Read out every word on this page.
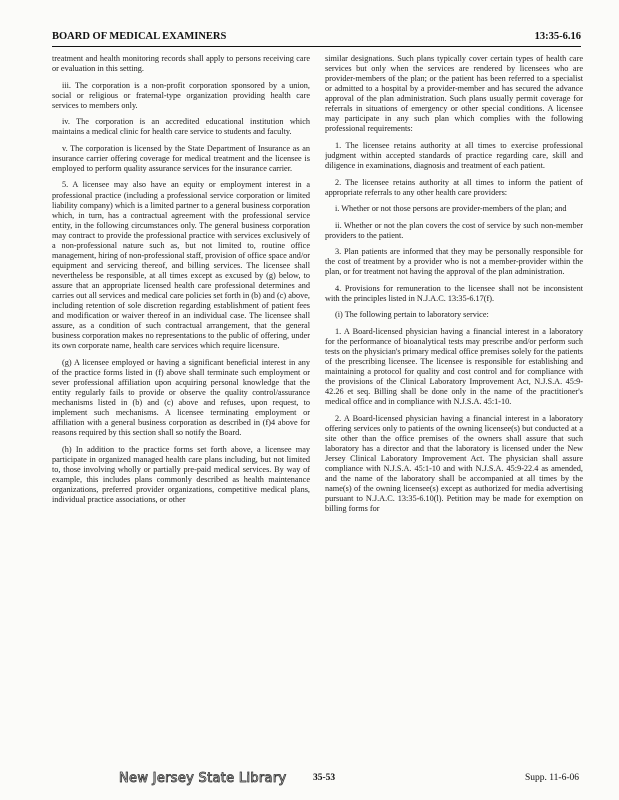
BOARD OF MEDICAL EXAMINERS	13:35-6.16

treatment and health monitoring records shall apply to persons receiving care or evaluation in this setting.

iii. The corporation is a non-profit corporation sponsored by a union, social or religious or fraternal-type organization providing health care services to members only.

iv. The corporation is an accredited educational institution which maintains a medical clinic for health care service to students and faculty.

v. The corporation is licensed by the State Department of Insurance as an insurance carrier offering coverage for medical treatment and the licensee is employed to perform quality assurance services for the insurance carrier.

5. A licensee may also have an equity or employment interest in a professional practice (including a professional service corporation or limited liability company) which is a limited partner to a general business corporation which, in turn, has a contractual agreement with the professional service entity, in the following circumstances only. The general business corporation may contract to provide the professional practice with services exclusively of a non-professional nature such as, but not limited to, routine office management, hiring of non-professional staff, provision of office space and/or equipment and servicing thereof, and billing services. The licensee shall nevertheless be responsible, at all times except as excused by (g) below, to assure that an appropriate licensed health care professional determines and carries out all services and medical care policies set forth in (b) and (c) above, including retention of sole discretion regarding establishment of patient fees and modification or waiver thereof in an individual case. The licensee shall assure, as a condition of such contractual arrangement, that the general business corporation makes no representations to the public of offering, under its own corporate name, health care services which require licensure.

(g) A licensee employed or having a significant beneficial interest in any of the practice forms listed in (f) above shall terminate such employment or sever professional affiliation upon acquiring personal knowledge that the entity regularly fails to provide or observe the quality control/assurance mechanisms listed in (b) and (c) above and refuses, upon request, to implement such mechanisms. A licensee terminating employment or affiliation with a general business corporation as described in (f)4 above for reasons required by this section shall so notify the Board.

(h) In addition to the practice forms set forth above, a licensee may participate in organized managed health care plans including, but not limited to, those involving wholly or partially pre-paid medical services. By way of example, this includes plans commonly described as health maintenance organizations, preferred provider organizations, competitive medical plans, individual practice associations, or other

similar designations. Such plans typically cover certain types of health care services but only when the services are rendered by licensees who are provider-members of the plan; or the patient has been referred to a specialist or admitted to a hospital by a provider-member and has secured the advance approval of the plan administration. Such plans usually permit coverage for referrals in situations of emergency or other special conditions. A licensee may participate in any such plan which complies with the following professional requirements:

1. The licensee retains authority at all times to exercise professional judgment within accepted standards of practice regarding care, skill and diligence in examinations, diagnosis and treatment of each patient.

2. The licensee retains authority at all times to inform the patient of appropriate referrals to any other health care providers:

i. Whether or not those persons are provider-members of the plan; and

ii. Whether or not the plan covers the cost of service by such non-member providers to the patient.

3. Plan patients are informed that they may be personally responsible for the cost of treatment by a provider who is not a member-provider within the plan, or for treatment not having the approval of the plan administration.

4. Provisions for remuneration to the licensee shall not be inconsistent with the principles listed in N.J.A.C. 13:35-6.17(f).

(i) The following pertain to laboratory service:

1. A Board-licensed physician having a financial interest in a laboratory for the performance of bioanalytical tests may prescribe and/or perform such tests on the physician's primary medical office premises solely for the patients of the prescribing licensee. The licensee is responsible for establishing and maintaining a protocol for quality and cost control and for compliance with the provisions of the Clinical Laboratory Improvement Act, N.J.S.A. 45:9-42.26 et seq. Billing shall be done only in the name of the practitioner's medical office and in compliance with N.J.S.A. 45:1-10.

2. A Board-licensed physician having a financial interest in a laboratory offering services only to patients of the owning licensee(s) but conducted at a site other than the office premises of the owners shall assure that such laboratory has a director and that the laboratory is licensed under the New Jersey Clinical Laboratory Improvement Act. The physician shall assure compliance with N.J.S.A. 45:1-10 and with N.J.S.A. 45:9-22.4 as amended, and the name of the laboratory shall be accompanied at all times by the name(s) of the owning licensee(s) except as authorized for media advertising pursuant to N.J.A.C. 13:35-6.10(l). Petition may be made for exemption on billing forms for

New Jersey State Library	35-53	Supp. 11-6-06
